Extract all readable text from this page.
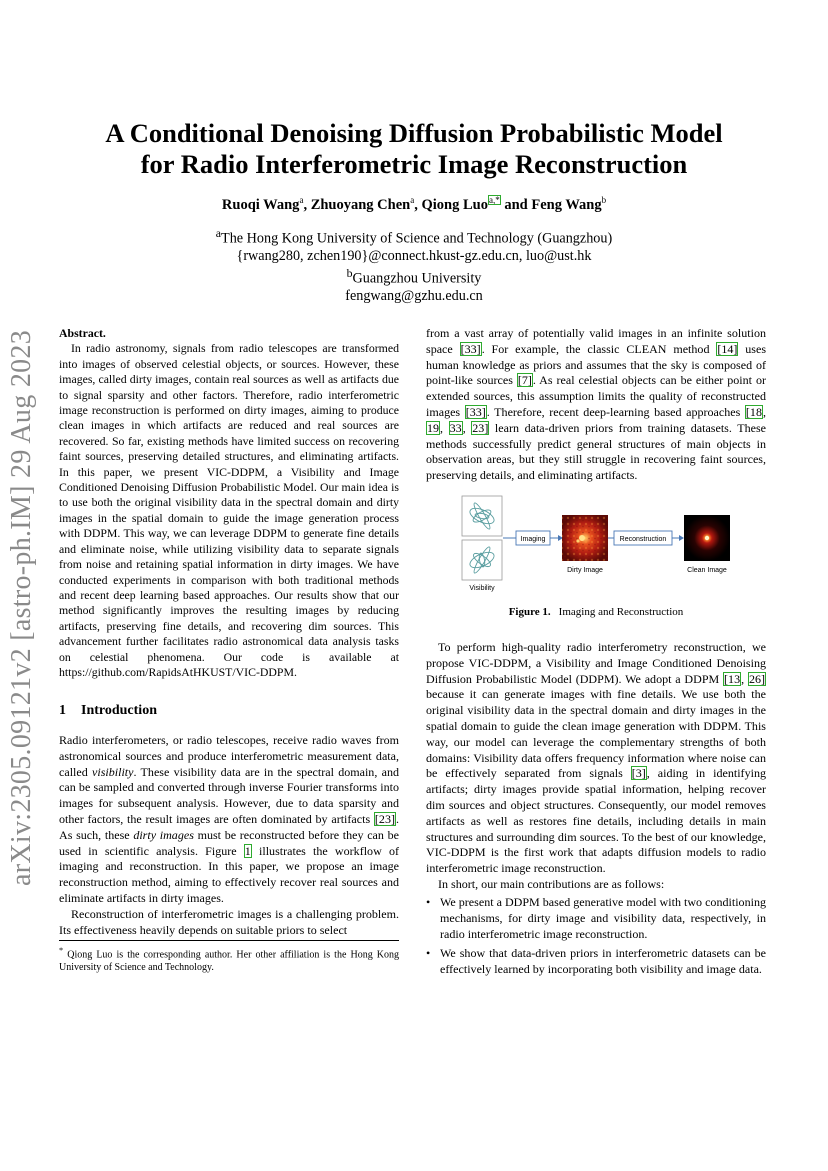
arXiv:2305.09121v2 [astro-ph.IM] 29 Aug 2023
A Conditional Denoising Diffusion Probabilistic Model
for Radio Interferometric Image Reconstruction
Ruoqi Wang$^a$, Zhuoyang Chen$^a$, Qiong Luo$^{a,*}$ and Feng Wang$^b$
$^a$The Hong Kong University of Science and Technology (Guangzhou)
{rwang280, zchen190}@connect.hkust-gz.edu.cn, luo@ust.hk
$^b$Guangzhou University
fengwang@gzhu.edu.cn

Abstract.

In radio astronomy, signals from radio telescopes are transformed into images of observed celestial objects, or sources. However, these images, called dirty images, contain real sources as well as artifacts due to signal sparsity and other factors. Therefore, radio interferometric image reconstruction is performed on dirty images, aiming to produce clean images in which artifacts are reduced and real sources are recovered. So far, existing methods have limited success on recovering faint sources, preserving detailed structures, and eliminating artifacts. In this paper, we present VIC-DDPM, a Visibility and Image Conditioned Denoising Diffusion Probabilistic Model. Our main idea is to use both the original visibility data in the spectral domain and dirty images in the spatial domain to guide the image generation process with DDPM. This way, we can leverage DDPM to generate fine details and eliminate noise, while utilizing visibility data to separate signals from noise and retaining spatial information in dirty images. We have conducted experiments in comparison with both traditional methods and recent deep learning based approaches. Our results show that our method significantly improves the resulting images by reducing artifacts, preserving fine details, and recovering dim sources. This advancement further facilitates radio astronomical data analysis tasks on celestial phenomena. Our code is available at https://github.com/RapidsAtHKUST/VIC-DDPM.

1 Introduction

Radio interferometers, or radio telescopes, receive radio waves from astronomical sources and produce interferometric measurement data, called visibility. These visibility data are in the spectral domain, and can be sampled and converted through inverse Fourier transforms into images for subsequent analysis. However, due to data sparsity and other factors, the result images are often dominated by artifacts [23]. As such, these dirty images must be reconstructed before they can be used in scientific analysis. Figure 1 illustrates the workflow of imaging and reconstruction. In this paper, we propose an image reconstruction method, aiming to effectively recover real sources and eliminate artifacts in dirty images.

Reconstruction of interferometric images is a challenging problem. Its effectiveness heavily depends on suitable priors to select

* Qiong Luo is the corresponding author. Her other affiliation is the Hong Kong University of Science and Technology.

from a vast array of potentially valid images in an infinite solution space [33]. For example, the classic CLEAN method [14] uses human knowledge as priors and assumes that the sky is composed of point-like sources [7]. As real celestial objects can be either point or extended sources, this assumption limits the quality of reconstructed images [33]. Therefore, recent deep-learning based approaches [18, 19, 33, 23] learn data-driven priors from training datasets. These methods successfully predict general structures of main objects in observation areas, but they still struggle in recovering faint sources, preserving details, and eliminating artifacts.

Visibility
Imaging
Dirty Image
Reconstruction
Clean Image
Figure 1. Imaging and Reconstruction

To perform high-quality radio interferometry reconstruction, we propose VIC-DDPM, a Visibility and Image Conditioned Denoising Diffusion Probabilistic Model (DDPM). We adopt a DDPM [13, 26] because it can generate images with fine details. We use both the original visibility data in the spectral domain and dirty images in the spatial domain to guide the clean image generation with DDPM. This way, our model can leverage the complementary strengths of both domains: Visibility data offers frequency information where noise can be effectively separated from signals [3], aiding in identifying artifacts; dirty images provide spatial information, helping recover dim sources and object structures. Consequently, our model removes artifacts as well as restores fine details, including details in main structures and surrounding dim sources. To the best of our knowledge, VIC-DDPM is the first work that adapts diffusion models to radio interferometric image reconstruction.

In short, our main contributions are as follows:

• We present a DDPM based generative model with two conditioning mechanisms, for dirty image and visibility data, respectively, in radio interferometric image reconstruction.
• We show that data-driven priors in interferometric datasets can be effectively learned by incorporating both visibility and image data.
